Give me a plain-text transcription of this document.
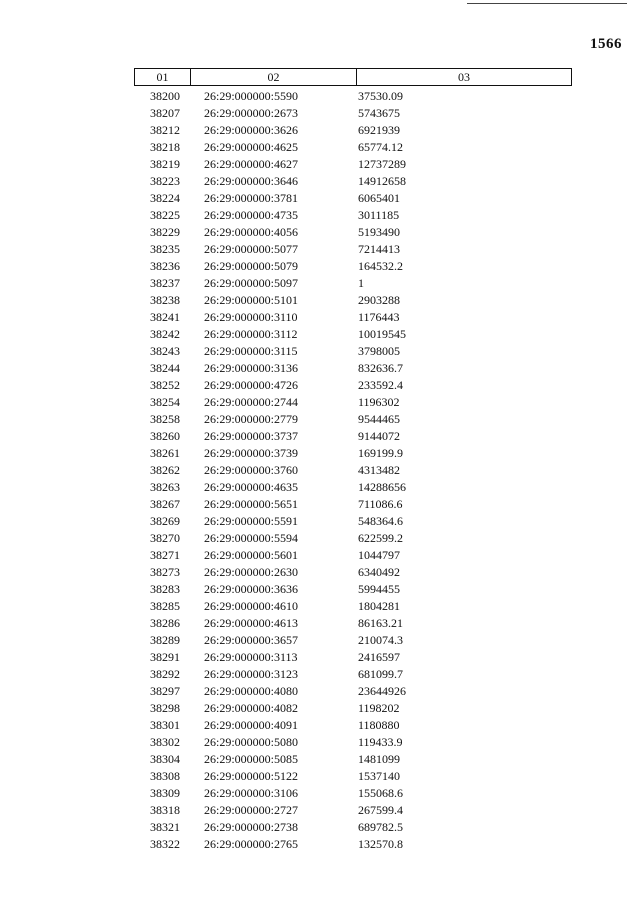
1566
01	02	03
38200	26:29:000000:5590	37530.09
38207	26:29:000000:2673	5743675
38212	26:29:000000:3626	6921939
38218	26:29:000000:4625	65774.12
38219	26:29:000000:4627	12737289
38223	26:29:000000:3646	14912658
38224	26:29:000000:3781	6065401
38225	26:29:000000:4735	3011185
38229	26:29:000000:4056	5193490
38235	26:29:000000:5077	7214413
38236	26:29:000000:5079	164532.2
38237	26:29:000000:5097	1
38238	26:29:000000:5101	2903288
38241	26:29:000000:3110	1176443
38242	26:29:000000:3112	10019545
38243	26:29:000000:3115	3798005
38244	26:29:000000:3136	832636.7
38252	26:29:000000:4726	233592.4
38254	26:29:000000:2744	1196302
38258	26:29:000000:2779	9544465
38260	26:29:000000:3737	9144072
38261	26:29:000000:3739	169199.9
38262	26:29:000000:3760	4313482
38263	26:29:000000:4635	14288656
38267	26:29:000000:5651	711086.6
38269	26:29:000000:5591	548364.6
38270	26:29:000000:5594	622599.2
38271	26:29:000000:5601	1044797
38273	26:29:000000:2630	6340492
38283	26:29:000000:3636	5994455
38285	26:29:000000:4610	1804281
38286	26:29:000000:4613	86163.21
38289	26:29:000000:3657	210074.3
38291	26:29:000000:3113	2416597
38292	26:29:000000:3123	681099.7
38297	26:29:000000:4080	23644926
38298	26:29:000000:4082	1198202
38301	26:29:000000:4091	1180880
38302	26:29:000000:5080	119433.9
38304	26:29:000000:5085	1481099
38308	26:29:000000:5122	1537140
38309	26:29:000000:3106	155068.6
38318	26:29:000000:2727	267599.4
38321	26:29:000000:2738	689782.5
38322	26:29:000000:2765	132570.8
